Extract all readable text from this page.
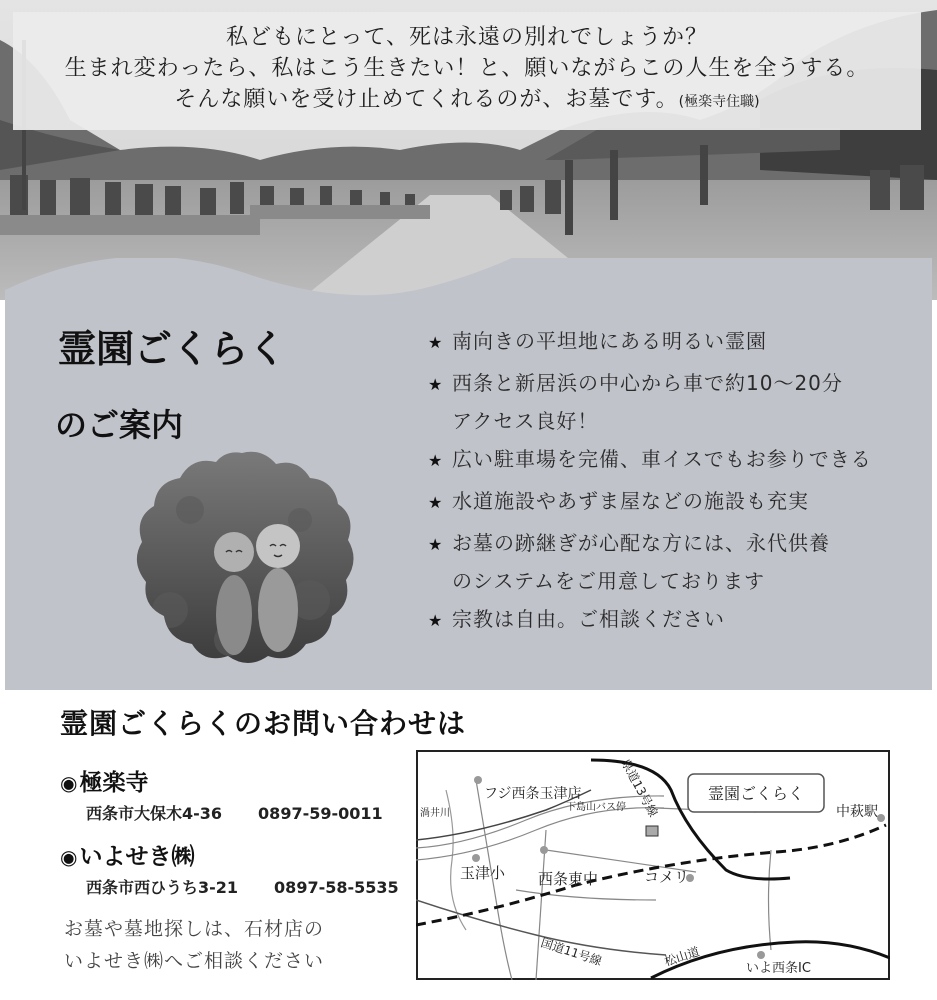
私どもにとって、死は永遠の別れでしょうか？
生まれ変わったら、私はこう生きたい！と、願いながらこの人生を全うする。
そんな願いを受け止めてくれるのが、お墓です。(極楽寺住職)
霊園ごくらく
のご案内
★ 南向きの平坦地にある明るい霊園
★ 西条と新居浜の中心から車で約10～20分
アクセス良好！
★ 広い駐車場を完備、車イスでもお参りできる
★ 水道施設やあずま屋などの施設も充実
★ お墓の跡継ぎが心配な方には、永代供養
のシステムをご用意しております
★ 宗教は自由。ご相談ください
霊園ごくらくのお問い合わせは
◉極楽寺
西条市大保木4-36 0897-59-0011
◉いよせき㈱
西条市西ひうち3-21 0897-58-5535
お墓や墓地探しは、石材店の
いよせき㈱へご相談ください
霊園ごくらく
フジ西条玉津店	県道13号線
下島山バス停
渦井川	中萩駅
玉津小 西条東中	コメリ
国道11号線	松山道	いよ西条IC
